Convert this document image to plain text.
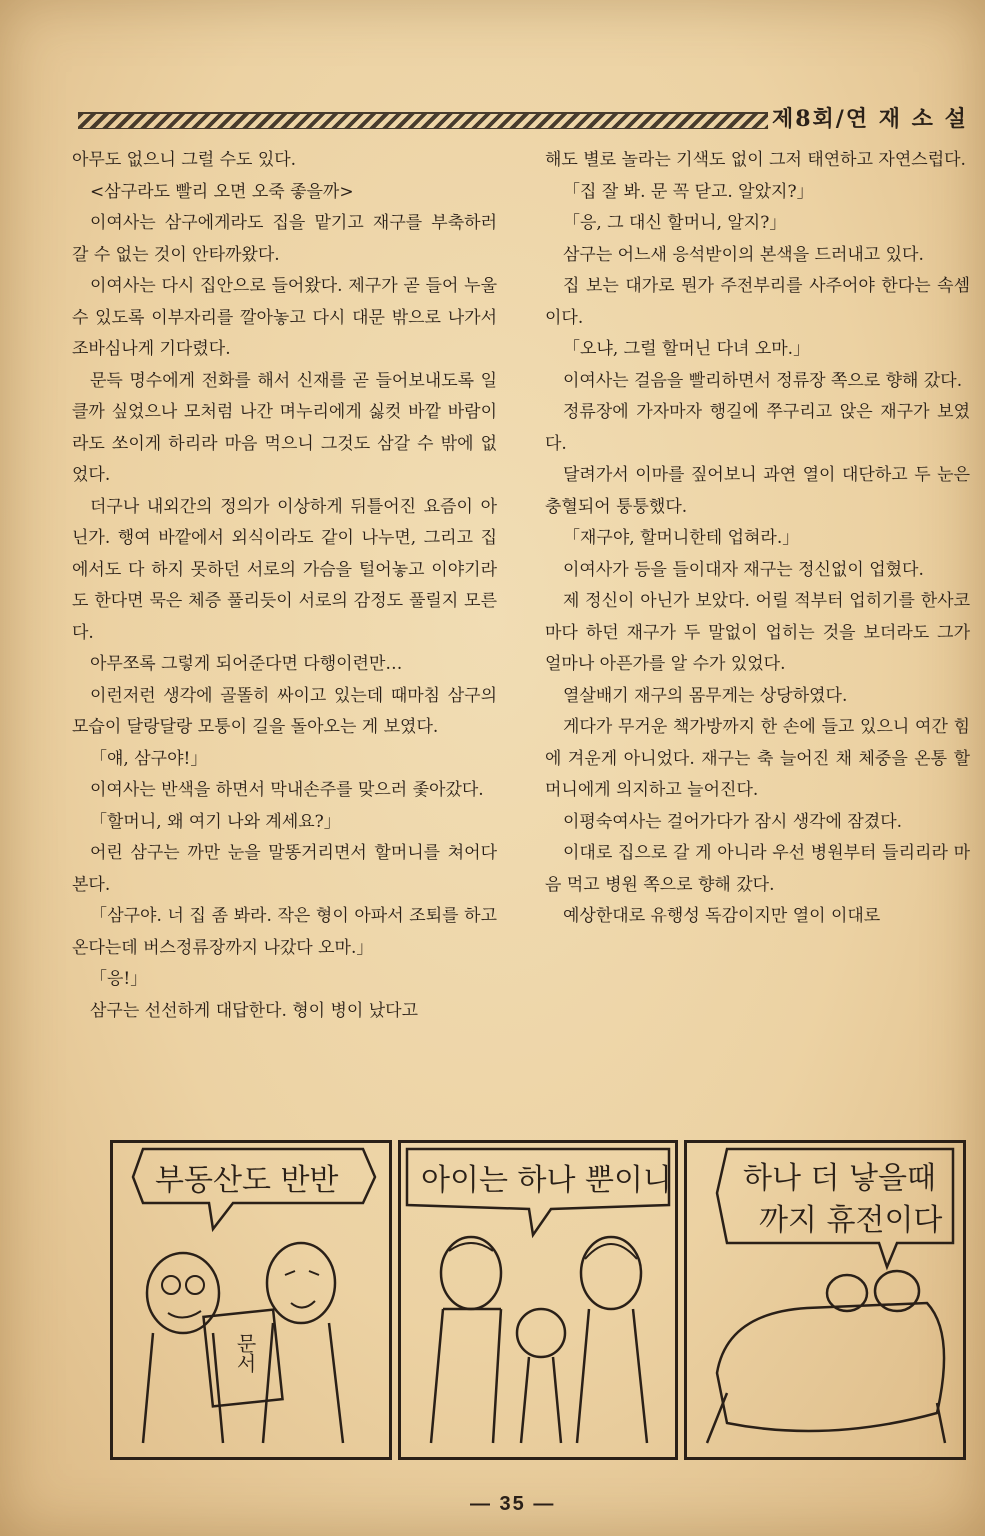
제8회/연 재 소 설

아무도 없으니 그럴 수도 있다.

<삼구라도 빨리 오면 오죽 좋을까>

이여사는 삼구에게라도 집을 맡기고 재구를 부축하러 갈 수 없는 것이 안타까왔다.

이여사는 다시 집안으로 들어왔다. 제구가 곧 들어 누울 수 있도록 이부자리를 깔아놓고 다시 대문 밖으로 나가서 조바심나게 기다렸다.

문득 명수에게 전화를 해서 신재를 곧 들어보내도록 일클까 싶었으나 모처럼 나간 며누리에게 싫컷 바깥 바람이라도 쏘이게 하리라 마음 먹으니 그것도 삼갈 수 밖에 없었다.

더구나 내외간의 정의가 이상하게 뒤틀어진 요즘이 아닌가. 행여 바깥에서 외식이라도 같이 나누면, 그리고 집에서도 다 하지 못하던 서로의 가슴을 털어놓고 이야기라도 한다면 묵은 체증 풀리듯이 서로의 감정도 풀릴지 모른다.

아무쪼록 그렇게 되어준다면 다행이련만…

이런저런 생각에 골똘히 싸이고 있는데 때마침 삼구의 모습이 달랑달랑 모퉁이 길을 돌아오는 게 보였다.

「얘, 삼구야!」

이여사는 반색을 하면서 막내손주를 맞으러 좇아갔다.

「할머니, 왜 여기 나와 계세요?」

어린 삼구는 까만 눈을 말똥거리면서 할머니를 쳐어다 본다.

「삼구야. 너 집 좀 봐라. 작은 형이 아파서 조퇴를 하고 온다는데 버스정류장까지 나갔다 오마.」

「응!」

삼구는 선선하게 대답한다. 형이 병이 났다고

해도 별로 놀라는 기색도 없이 그저 태연하고 자연스럽다.

「집 잘 봐. 문 꼭 닫고. 알았지?」

「응, 그 대신 할머니, 알지?」

삼구는 어느새 응석받이의 본색을 드러내고 있다.

집 보는 대가로 뭔가 주전부리를 사주어야 한다는 속셈이다.

「오냐, 그럴 할머닌 다녀 오마.」

이여사는 걸음을 빨리하면서 정류장 쪽으로 향해 갔다.

정류장에 가자마자 행길에 쭈구리고 앉은 재구가 보였다.

달려가서 이마를 짚어보니 과연 열이 대단하고 두 눈은 충혈되어 퉁퉁했다.

「재구야, 할머니한테 업혀라.」

이여사가 등을 들이대자 재구는 정신없이 업혔다.

제 정신이 아닌가 보았다. 어릴 적부터 업히기를 한사코 마다 하던 재구가 두 말없이 업히는 것을 보더라도 그가 얼마나 아픈가를 알 수가 있었다.

열살배기 재구의 몸무게는 상당하였다.

게다가 무거운 책가방까지 한 손에 들고 있으니 여간 힘에 겨운게 아니었다. 재구는 축 늘어진 채 체중을 온통 할머니에게 의지하고 늘어진다.

이평숙여사는 걸어가다가 잠시 생각에 잠겼다.

이대로 집으로 갈 게 아니라 우선 병원부터 들리리라 마음 먹고 병원 쪽으로 향해 갔다.

예상한대로 유행성 독감이지만 열이 이대로

부동산도 반반
문서
아이는 하나 뿐이니 하나 더 낳을때
까지 휴전이다
— 35 —
